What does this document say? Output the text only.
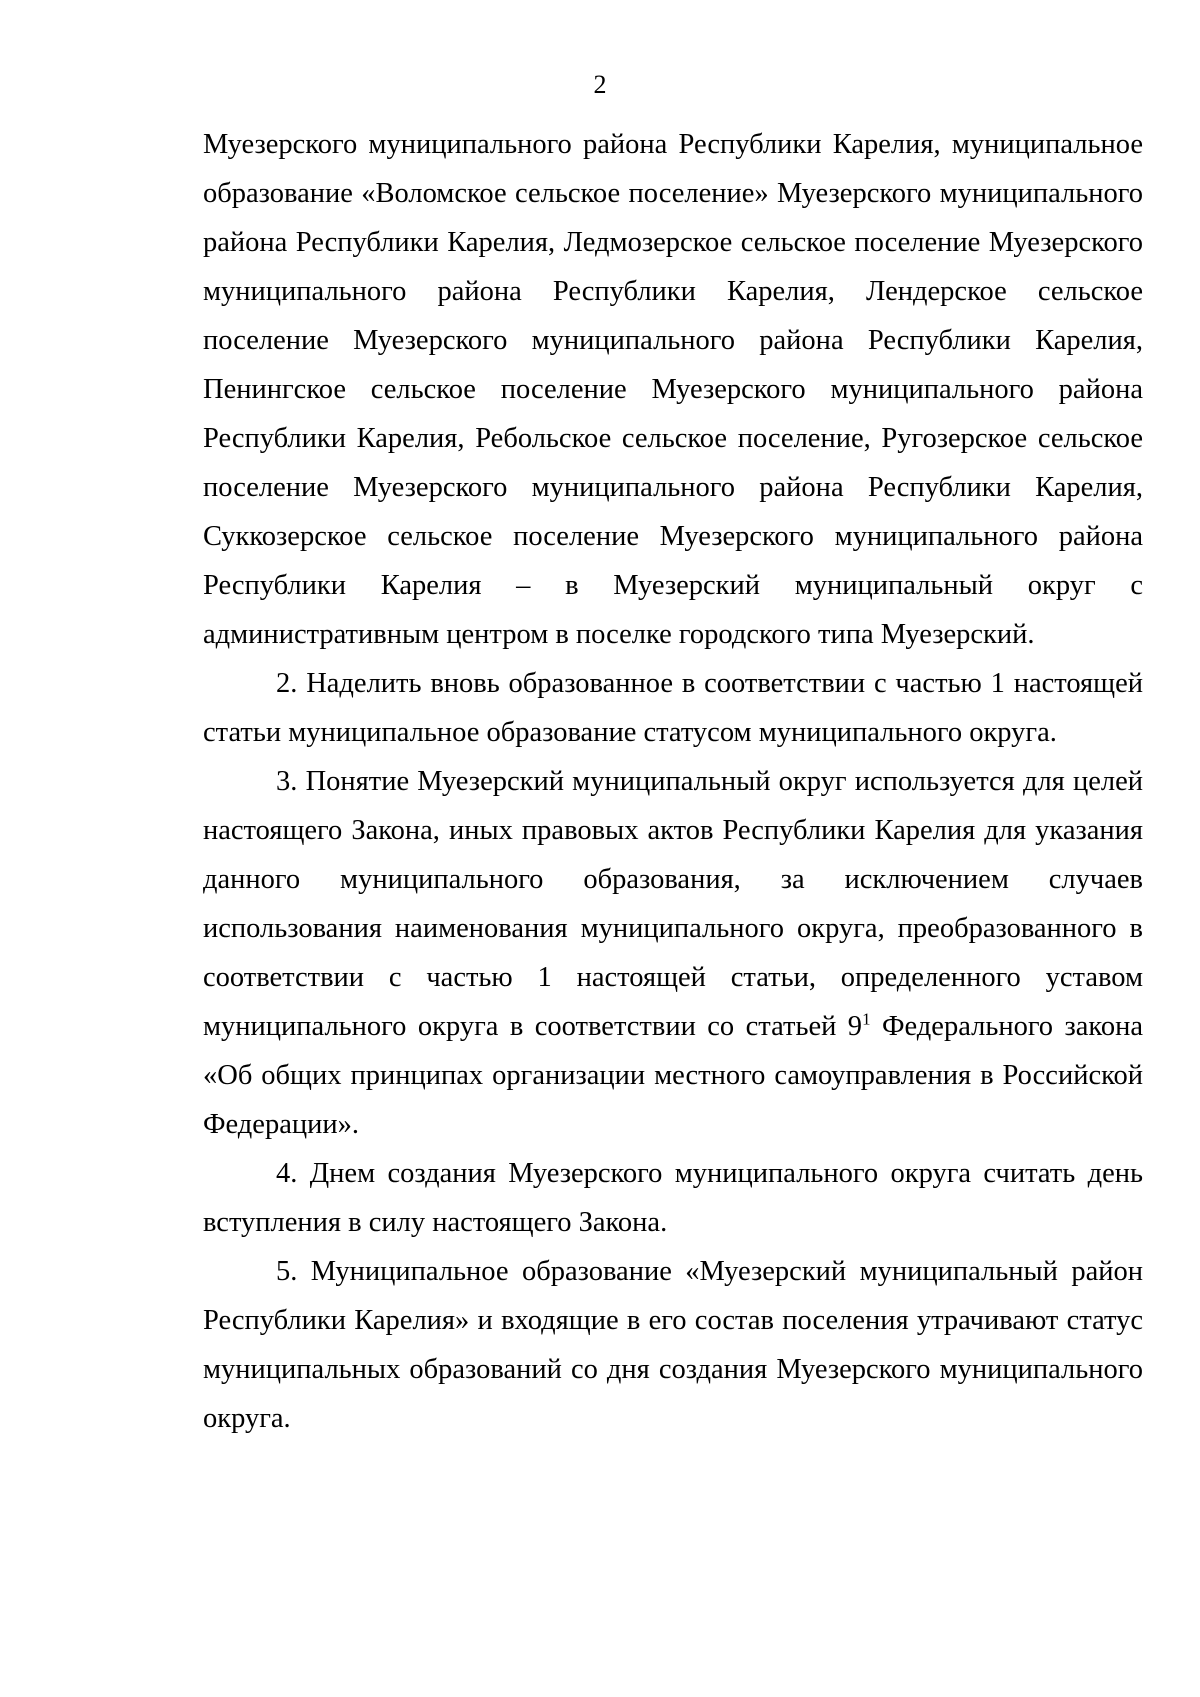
2

Муезерского муниципального района Республики Карелия, муниципальное образование «Воломское сельское поселение» Муезерского муниципального района Республики Карелия, Ледмозерское сельское поселение Муезерского муниципального района Республики Карелия, Лендерское сельское поселение Муезерского муниципального района Республики Карелия, Пенингское сельское поселение Муезерского муниципального района Республики Карелия, Ребольское сельское поселение, Ругозерское сельское поселение Муезерского муниципального района Республики Карелия, Суккозерское сельское поселение Муезерского муниципального района Республики Карелия – в Муезерский муниципальный округ с административным центром в поселке городского типа Муезерский.

2. Наделить вновь образованное в соответствии с частью 1 настоящей статьи муниципальное образование статусом муниципального округа.

3. Понятие Муезерский муниципальный округ используется для целей настоящего Закона, иных правовых актов Республики Карелия для указания данного муниципального образования, за исключением случаев использования наименования муниципального округа, преобразованного в соответствии с частью 1 настоящей статьи, определенного уставом муниципального округа в соответствии со статьей $9^1$ Федерального закона «Об общих принципах организации местного самоуправления в Российской Федерации».

4. Днем создания Муезерского муниципального округа считать день вступления в силу настоящего Закона.

5. Муниципальное образование «Муезерский муниципальный район Республики Карелия» и входящие в его состав поселения утрачивают статус муниципальных образований со дня создания Муезерского муниципального округа.
